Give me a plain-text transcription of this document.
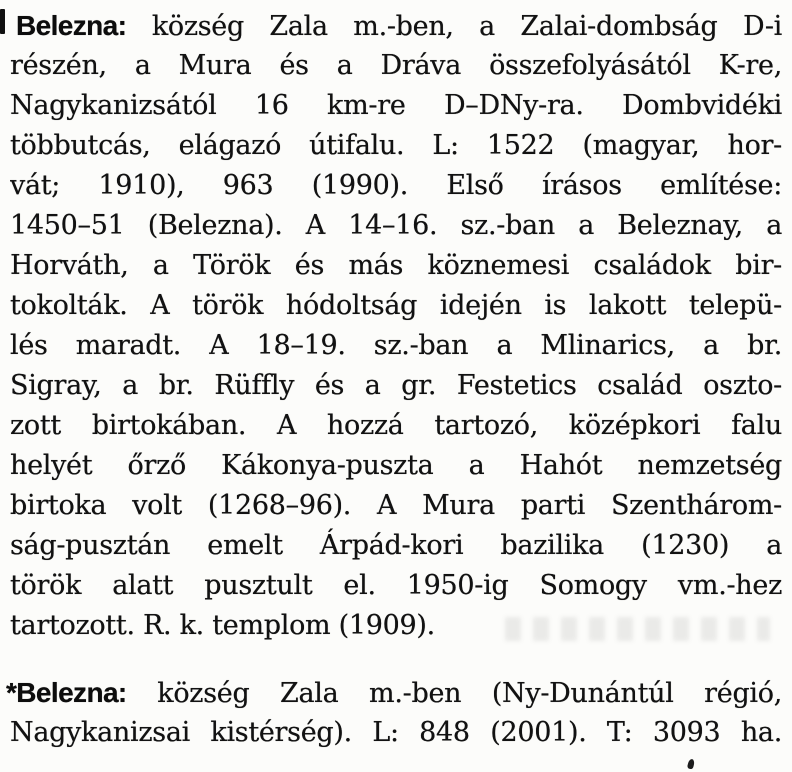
Belezna: község Zala m.-ben, a Zalai-dombság D-i
részén, a Mura és a Dráva összefolyásától K-re,
Nagykanizsától 16 km-re D–DNy-ra. Dombvidéki
többutcás, elágazó útifalu. L: 1522 (magyar, hor-
vát; 1910), 963 (1990). Első írásos említése:
1450–51 (Belezna). A 14–16. sz.-ban a Beleznay, a
Horváth, a Török és más köznemesi családok bir-
tokolták. A török hódoltság idején is lakott telepü-
lés maradt. A 18–19. sz.-ban a Mlinarics, a br.
Sigray, a br. Rüffly és a gr. Festetics család oszto-
zott birtokában. A hozzá tartozó, középkori falu
helyét őrző Kákonya-puszta a Hahót nemzetség
birtoka volt (1268–96). A Mura parti Szenthárom-
ság-pusztán emelt Árpád-kori bazilika (1230) a
török alatt pusztult el. 1950-ig Somogy vm.-hez
tartozott. R. k. templom (1909).
*Belezna: község Zala m.-ben (Ny-Dunántúl régió,
Nagykanizsai kistérség). L: 848 (2001). T: 3093 ha.
